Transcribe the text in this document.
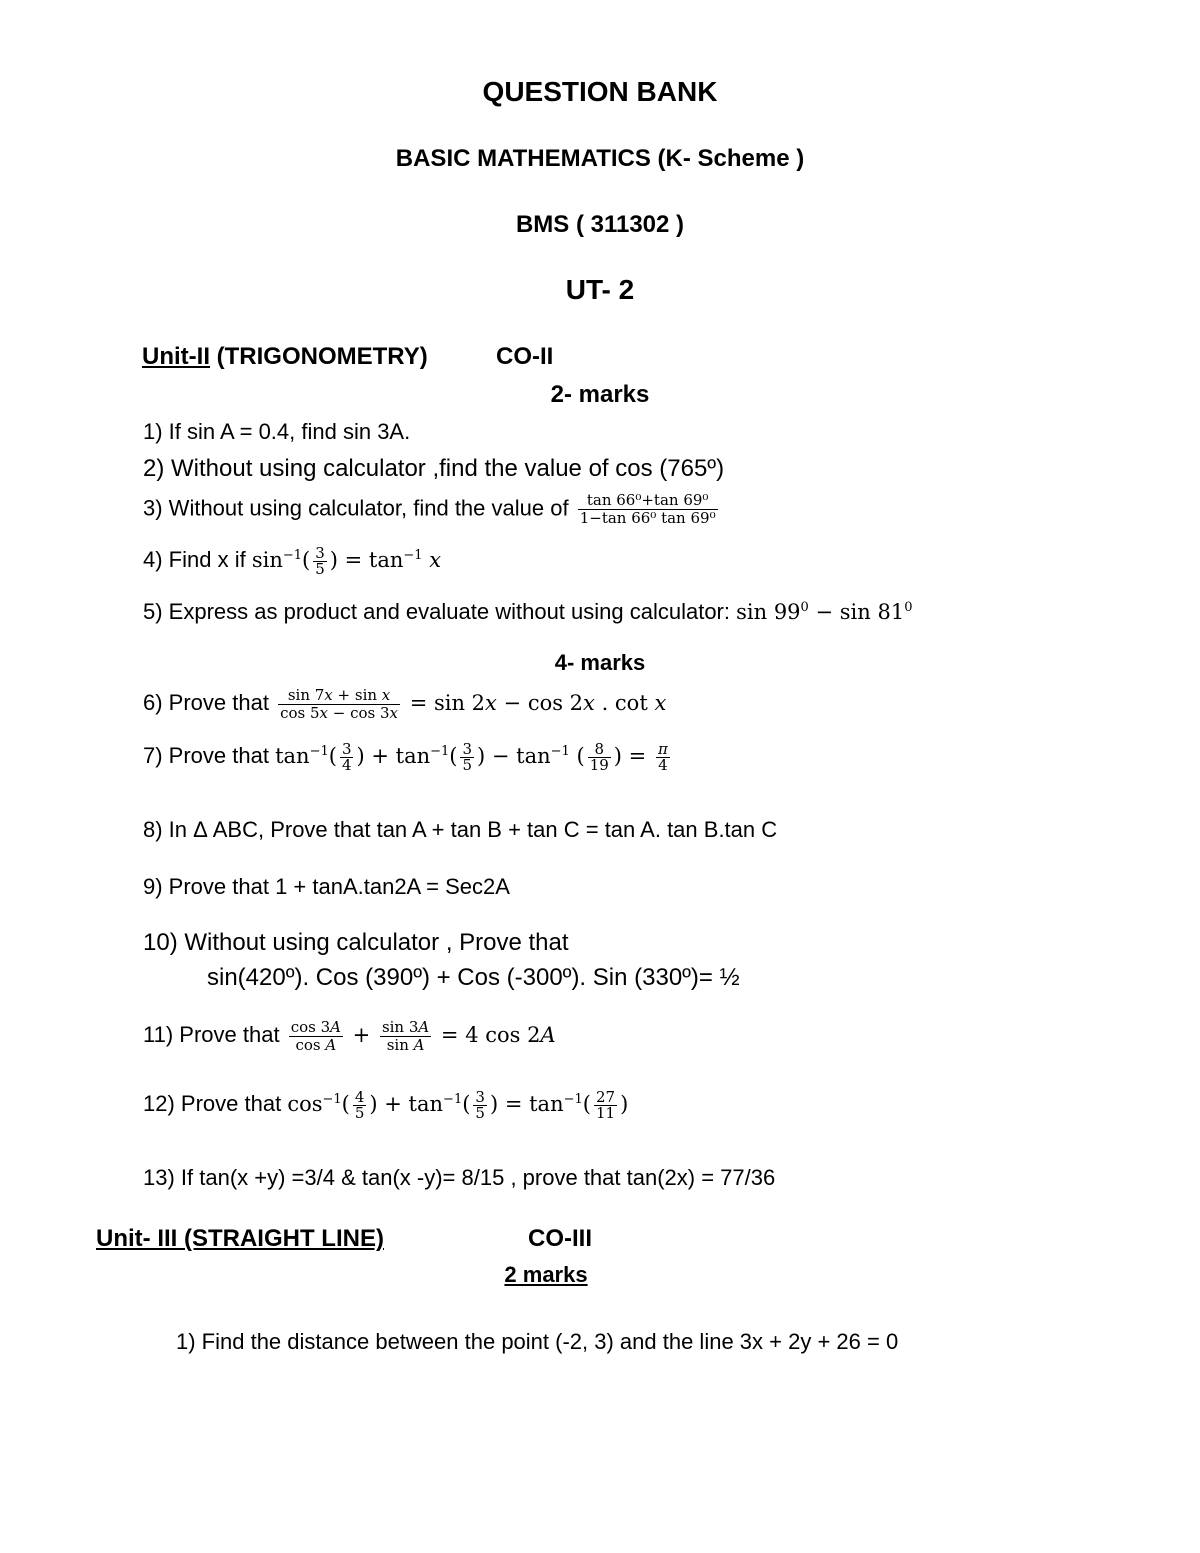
QUESTION BANK
BASIC MATHEMATICS (K- Scheme )
BMS ( 311302 )
UT- 2
Unit-II (TRIGONOMETRY)	CO-II
2- marks
1) If sin A = 0.4, find sin 3A.
2) Without using calculator ,find the value of cos (765º)
3) Without using calculator, find the value of $\frac{\text{tan 66⁰+tan 69⁰}}{\text{1−tan 66⁰ tan 69⁰}}$
4) Find x if $\sin^{-1}( \frac{3}{5}$ ) = $\tan^{-1} x$
5) Express as product and evaluate without using calculator: $\sin 99^0 - \sin 81^0$
4- marks
6) Prove that $\frac{\text{sin 7x + sin x}}{\cos 5x - \cos 3x} = \sin 2x - \cos 2x$ . cot x
7) Prove that $\tan^{-1}( \frac{3}{4}$ ) + $\tan^{-1}( \frac{3}{5}$ ) − $\tan^{-1}$ ( $\frac{8}{19}$ ) = $\frac{\pi}{4}$
8) In Δ ABC, Prove that tan A + tan B + tan C = tan A. tan B.tan C
9) Prove that 1 + tanA.tan2A = Sec2A
10) Without using calculator , Prove that
sin(420º). Cos (390º) + Cos (-300º). Sin (330º)= ½
11) Prove that $\frac{\cos 3A}{\text{cos A}} + \frac{\sin 3A}{\text{sin A}} = 4$ cos 2A
12) Prove that $\cos^{-1}( \frac{4}{5}$ ) + $\tan^{-1}( \frac{3}{5}$ ) = $\tan^{-1}( \frac{27}{11}$ )
13) If tan(x +y) =3/4 & tan(x -y)= 8/15 , prove that tan(2x) = 77/36
Unit- III (STRAIGHT LINE)	CO-III
2 marks
1) Find the distance between the point (-2, 3) and the line 3x + 2y + 26 = 0
